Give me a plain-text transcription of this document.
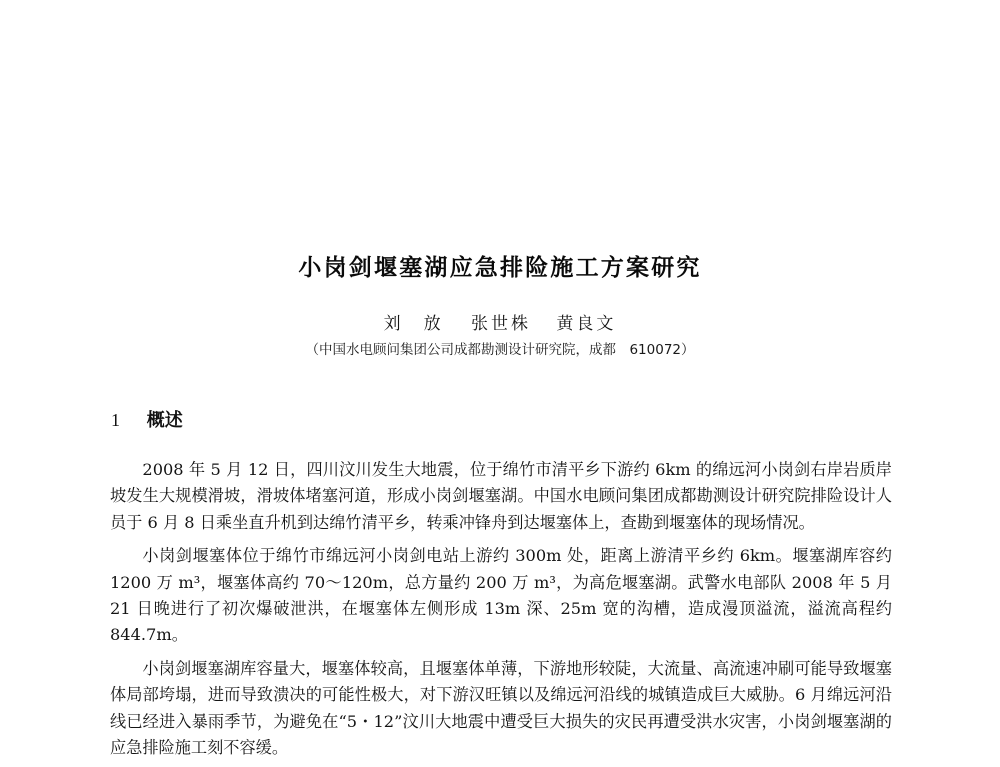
小岗剑堰塞湖应急排险施工方案研究
刘　放 张世株 黄良文
（中国水电顾问集团公司成都勘测设计研究院，成都　610072）
1 概述

2008 年 5 月 12 日，四川汶川发生大地震，位于绵竹市清平乡下游约 6km 的绵远河小岗剑右岸岩质岸坡发生大规模滑坡，滑坡体堵塞河道，形成小岗剑堰塞湖。中国水电顾问集团成都勘测设计研究院排险设计人员于 6 月 8 日乘坐直升机到达绵竹清平乡，转乘冲锋舟到达堰塞体上，查勘到堰塞体的现场情况。

小岗剑堰塞体位于绵竹市绵远河小岗剑电站上游约 300m 处，距离上游清平乡约 6km。堰塞湖库容约 1200 万 m³，堰塞体高约 70～120m，总方量约 200 万 m³，为高危堰塞湖。武警水电部队 2008 年 5 月 21 日晚进行了初次爆破泄洪，在堰塞体左侧形成 13m 深、25m 宽的沟槽，造成漫顶溢流，溢流高程约 844.7m。

小岗剑堰塞湖库容量大，堰塞体较高，且堰塞体单薄，下游地形较陡，大流量、高流速冲刷可能导致堰塞体局部垮塌，进而导致溃决的可能性极大，对下游汉旺镇以及绵远河沿线的城镇造成巨大威胁。6 月绵远河沿线已经进入暴雨季节，为避免在“5・12”汶川大地震中遭受巨大损失的灾民再遭受洪水灾害，小岗剑堰塞湖的应急排险施工刻不容缓。
